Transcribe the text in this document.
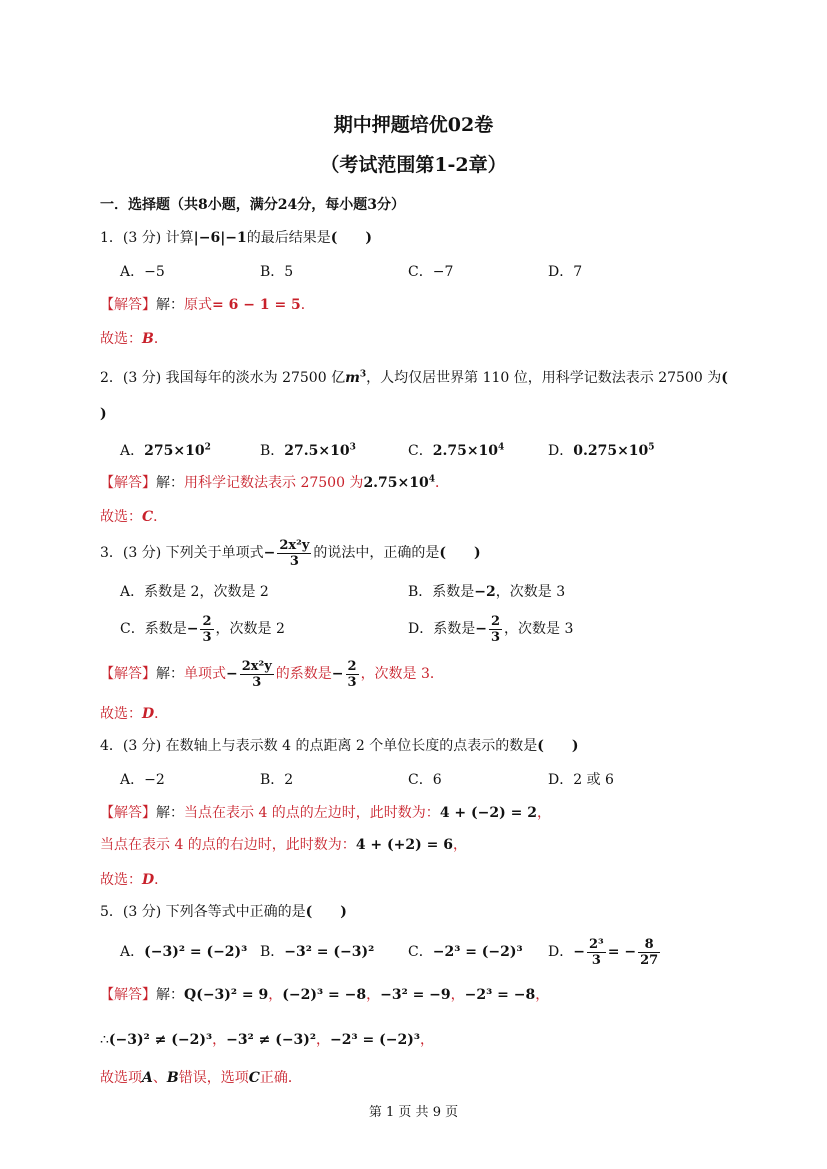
期中押题培优02卷
（考试范围第1-2章）
一．选择题（共8小题，满分24分，每小题3分）
1．(3 分) 计算|−6|−1的最后结果是(　　)
A．−5	B．5	C．−7	D．7
【解答】解：原式= 6 − 1 = 5．
故选：B．
2．(3 分) 我国每年的淡水为 27500 亿$m^3$，人均仅居世界第 110 位，用科学记数法表示 27500 为(
)
A．$275\times 10^2$	B．$27.5\times 10^3$	C．$2.75\times 10^4$	D．$0.275\times 10^5$
【解答】解：用科学记数法表示 27500 为$2.75\times 10^4$．
故选：C．
3．(3 分) 下列关于单项式− $\frac{\text{2x²y}}{3}$ 的说法中，正确的是(　　)
A．系数是 2，次数是 2	B．系数是−2，次数是 3
C．系数是− $\frac{2}{3}$ ，次数是 2	D．系数是− $\frac{2}{3}$ ，次数是 3
【解答】解：单项式− $\frac{\text{2x²y}}{3}$ 的系数是− $\frac{2}{3}$ ，次数是 3．
故选：D．
4．(3 分) 在数轴上与表示数 4 的点距离 2 个单位长度的点表示的数是(　　)
A．−2	B．2	C．6	D．2 或 6
【解答】解：当点在表示 4 的点的左边时，此时数为：4 + (−2) = 2，
当点在表示 4 的点的右边时，此时数为：4 + (+2) = 6，
故选：D．
5．(3 分) 下列各等式中正确的是(　　)
A．(−3)² = (−2)³ B．−3² = (−3)² C．−2³ = (−2)³ D．− $\frac{\text{2³}}{3}$ = − $\frac{8}{27}$
【解答】解：Q(−3)² = 9，(−2)³ = −8，−3² = −9，−2³ = −8，
∴(−3)² ≠ (−2)³，−3² ≠ (−3)²，−2³ = (−2)³，
故选项A、B错误，选项C正确．
第 1 页 共 9 页
